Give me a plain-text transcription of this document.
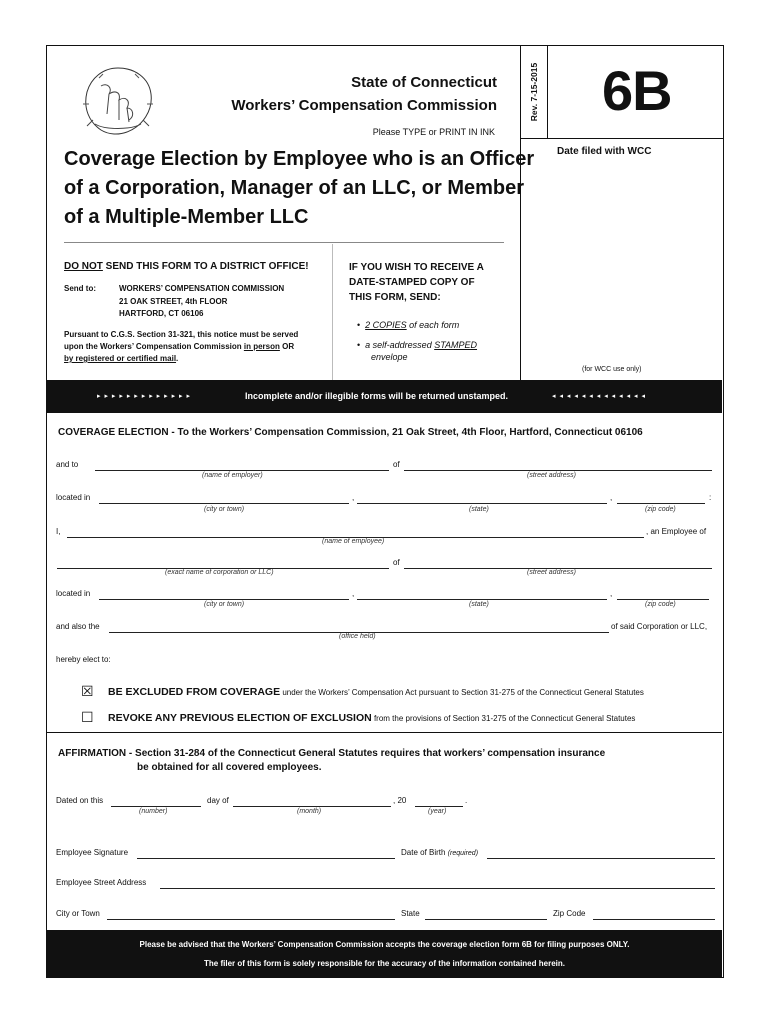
State of Connecticut
Workers’ Compensation Commission
Please TYPE or PRINT IN INK
Coverage Election by Employee who is an Officer
of a Corporation, Manager of an LLC, or Member
of a Multiple-Member LLC
Rev. 7-15-2015 6B
Date filed with WCC
(for WCC use only)
DO NOT SEND THIS FORM TO A DISTRICT OFFICE!
Send to:	WORKERS’ COMPENSATION COMMISSION
21 OAK STREET, 4th FLOOR
HARTFORD, CT 06106
Pursuant to C.G.S. Section 31-321, this notice must be served
upon the Workers’ Compensation Commission in person OR
by registered or certified mail.
IF YOU WISH TO RECEIVE A
DATE-STAMPED COPY OF
THIS FORM, SEND:
•  2 COPIES of each form
•  a self-addressed STAMPED
envelope
▸ ▸ ▸ ▸ ▸ ▸ ▸ ▸ ▸ ▸ ▸ ▸ ▸	Incomplete and/or illegible forms will be returned unstamped.	◂ ◂ ◂ ◂ ◂ ◂ ◂ ◂ ◂ ◂ ◂ ◂ ◂
COVERAGE ELECTION - To the Workers’ Compensation Commission, 21 Oak Street, 4th Floor, Hartford, Connecticut 06106
and to	of
(name of employer)	(street address)
located in	,	,	:
(city or town)	(state)	(zip code)
I,	, an Employee of
(name of employee)
of
(exact name of corporation or LLC)	(street address)
located in	,	,
(city or town)	(state)	(zip code)
and also the	of said Corporation or LLC,
(office held)
hereby elect to:
☒ BE EXCLUDED FROM COVERAGE under the Workers’ Compensation Act pursuant to Section 31-275 of the Connecticut General Statutes
☐ REVOKE ANY PREVIOUS ELECTION OF EXCLUSION from the provisions of Section 31-275 of the Connecticut General Statutes
AFFIRMATION - Section 31-284 of the Connecticut General Statutes requires that workers’ compensation insurance
be obtained for all covered employees.
Dated on this	day of	, 20	.
(number)	(month)	(year)
Employee Signature	Date of Birth (required)
Employee Street Address
City or Town	State	Zip Code
Please be advised that the Workers’ Compensation Commission accepts the coverage election form 6B for filing purposes ONLY.
The filer of this form is solely responsible for the accuracy of the information contained herein.
